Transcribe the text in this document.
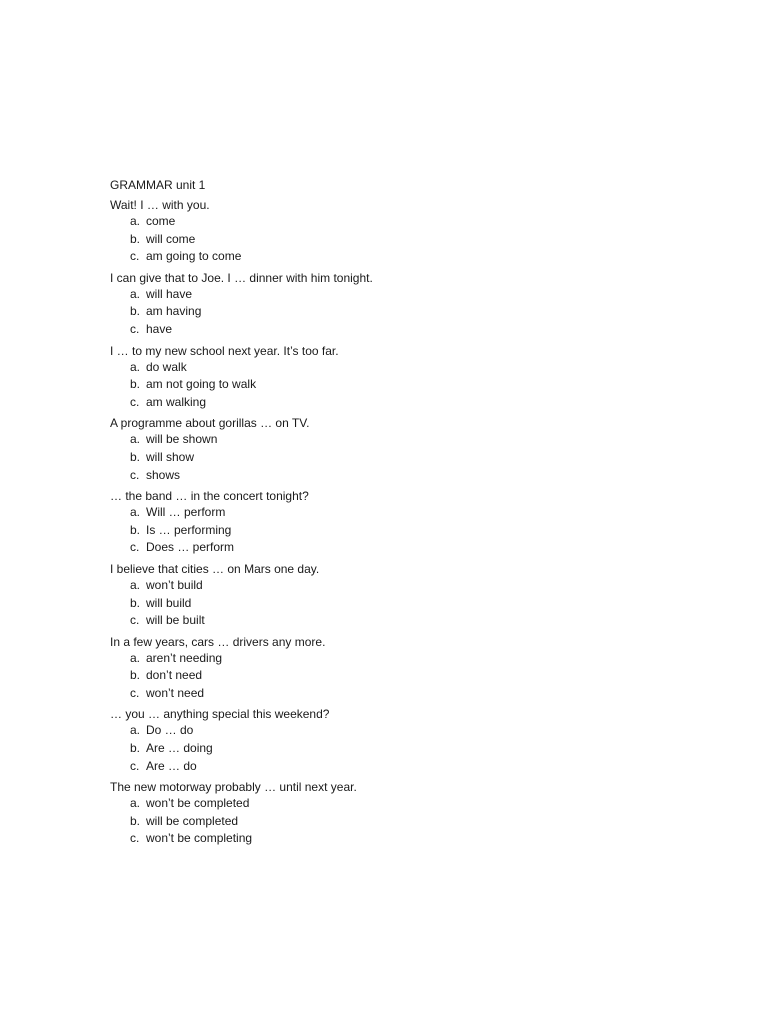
GRAMMAR unit 1
Wait! I … with you.
a. come
b. will come
c. am going to come
I can give that to Joe. I … dinner with him tonight.
a. will have
b. am having
c. have
I … to my new school next year. It’s too far.
a. do walk
b. am not going to walk
c. am walking
A programme about gorillas … on TV.
a. will be shown
b. will show
c. shows
… the band … in the concert tonight?
a. Will … perform
b. Is … performing
c. Does … perform
I believe that cities … on Mars one day.
a. won’t build
b. will build
c. will be built
In a few years, cars … drivers any more.
a. aren’t needing
b. don’t need
c. won’t need
… you … anything special this weekend?
a. Do … do
b. Are … doing
c. Are … do
The new motorway probably … until next year.
a. won’t be completed
b. will be completed
c. won’t be completing
